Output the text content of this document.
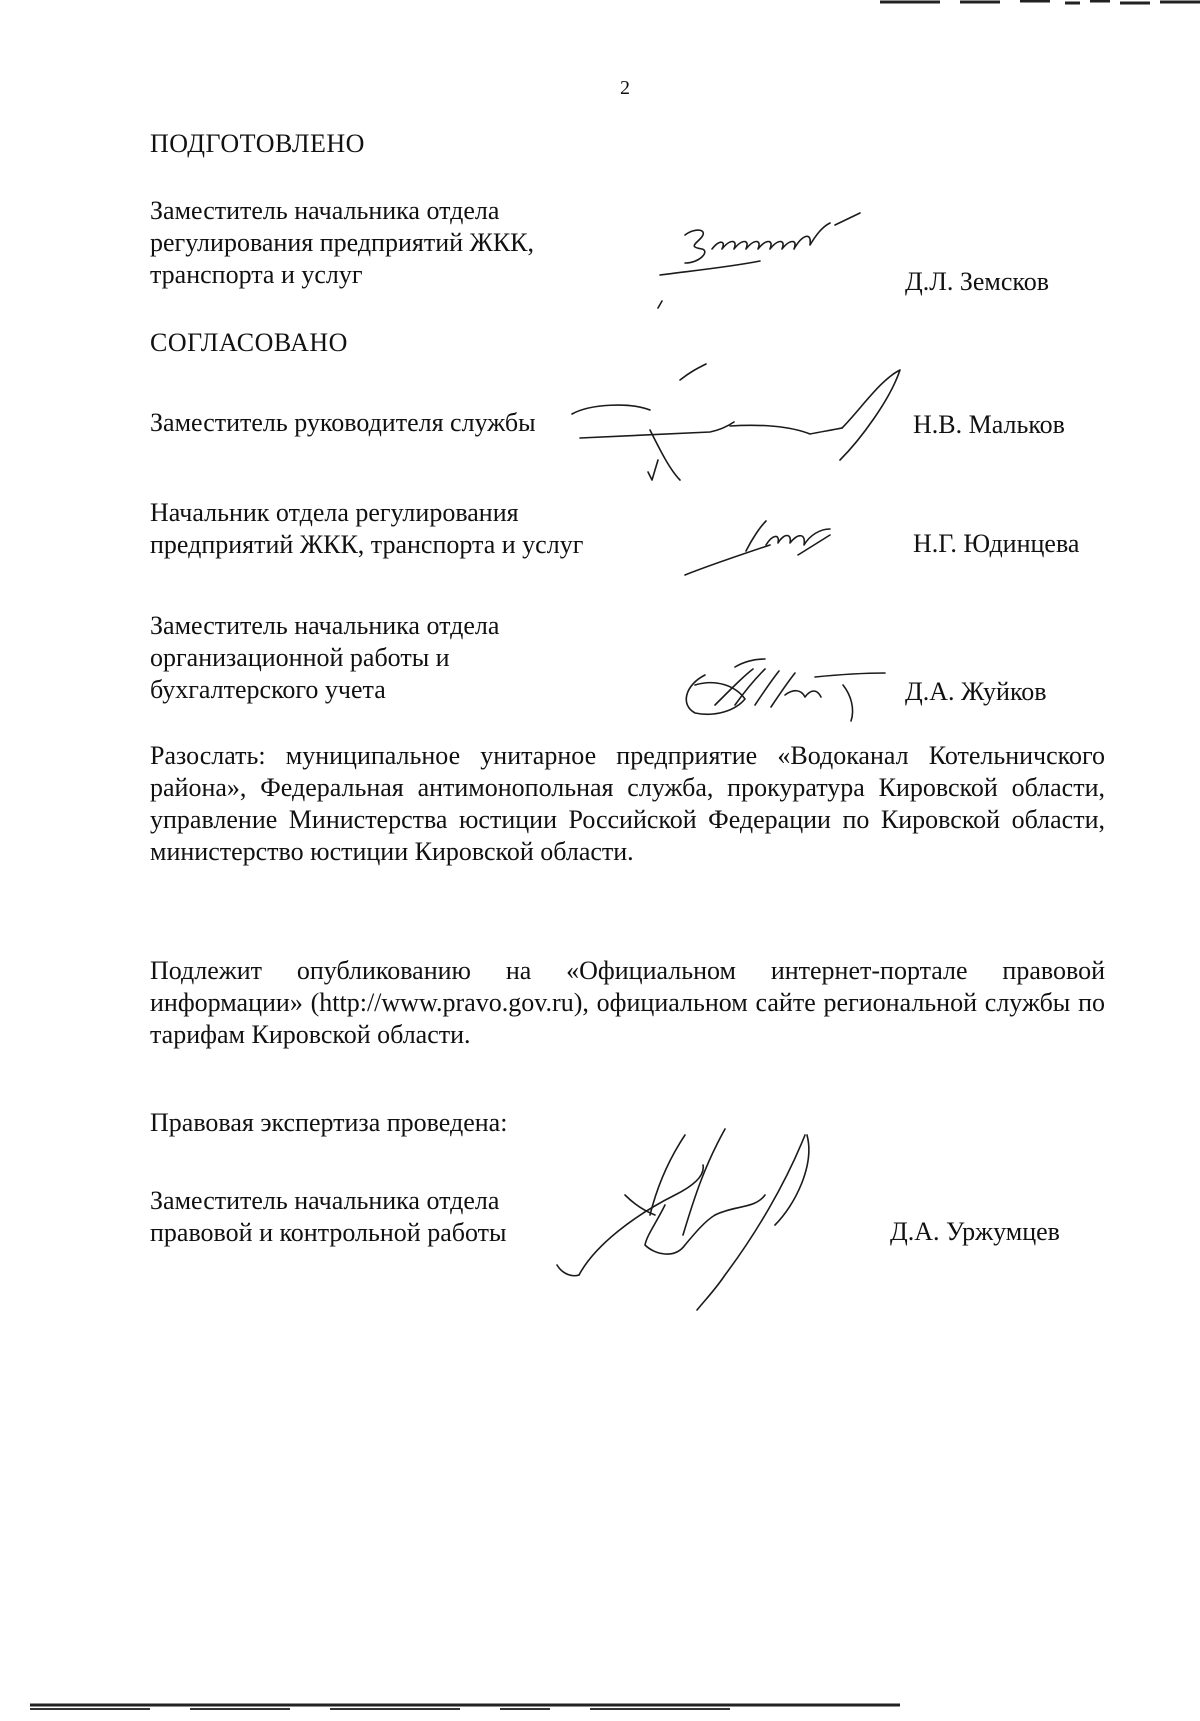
2
ПОДГОТОВЛЕНО
Заместитель начальника отдела
регулирования предприятий ЖКК,
транспорта и услуг	Д.Л. Земсков
СОГЛАСОВАНО
Заместитель руководителя службы	Н.В. Мальков
Начальник отдела регулирования
предприятий ЖКК, транспорта и услуг	Н.Г. Юдинцева
Заместитель начальника отдела
организационной работы и
бухгалтерского учета	Д.А. Жуйков
Разослать: муниципальное унитарное предприятие «Водоканал Котельничского района», Федеральная антимонопольная служба, прокуратура Кировской области, управление Министерства юстиции Российской Федерации по Кировской области, министерство юстиции Кировской области.
Подлежит опубликованию на «Официальном интернет-портале правовой информации» (http://www.pravo.gov.ru), официальном сайте региональной службы по тарифам Кировской области.
Правовая экспертиза проведена:
Заместитель начальника отдела
правовой и контрольной работы	Д.А. Уржумцев
